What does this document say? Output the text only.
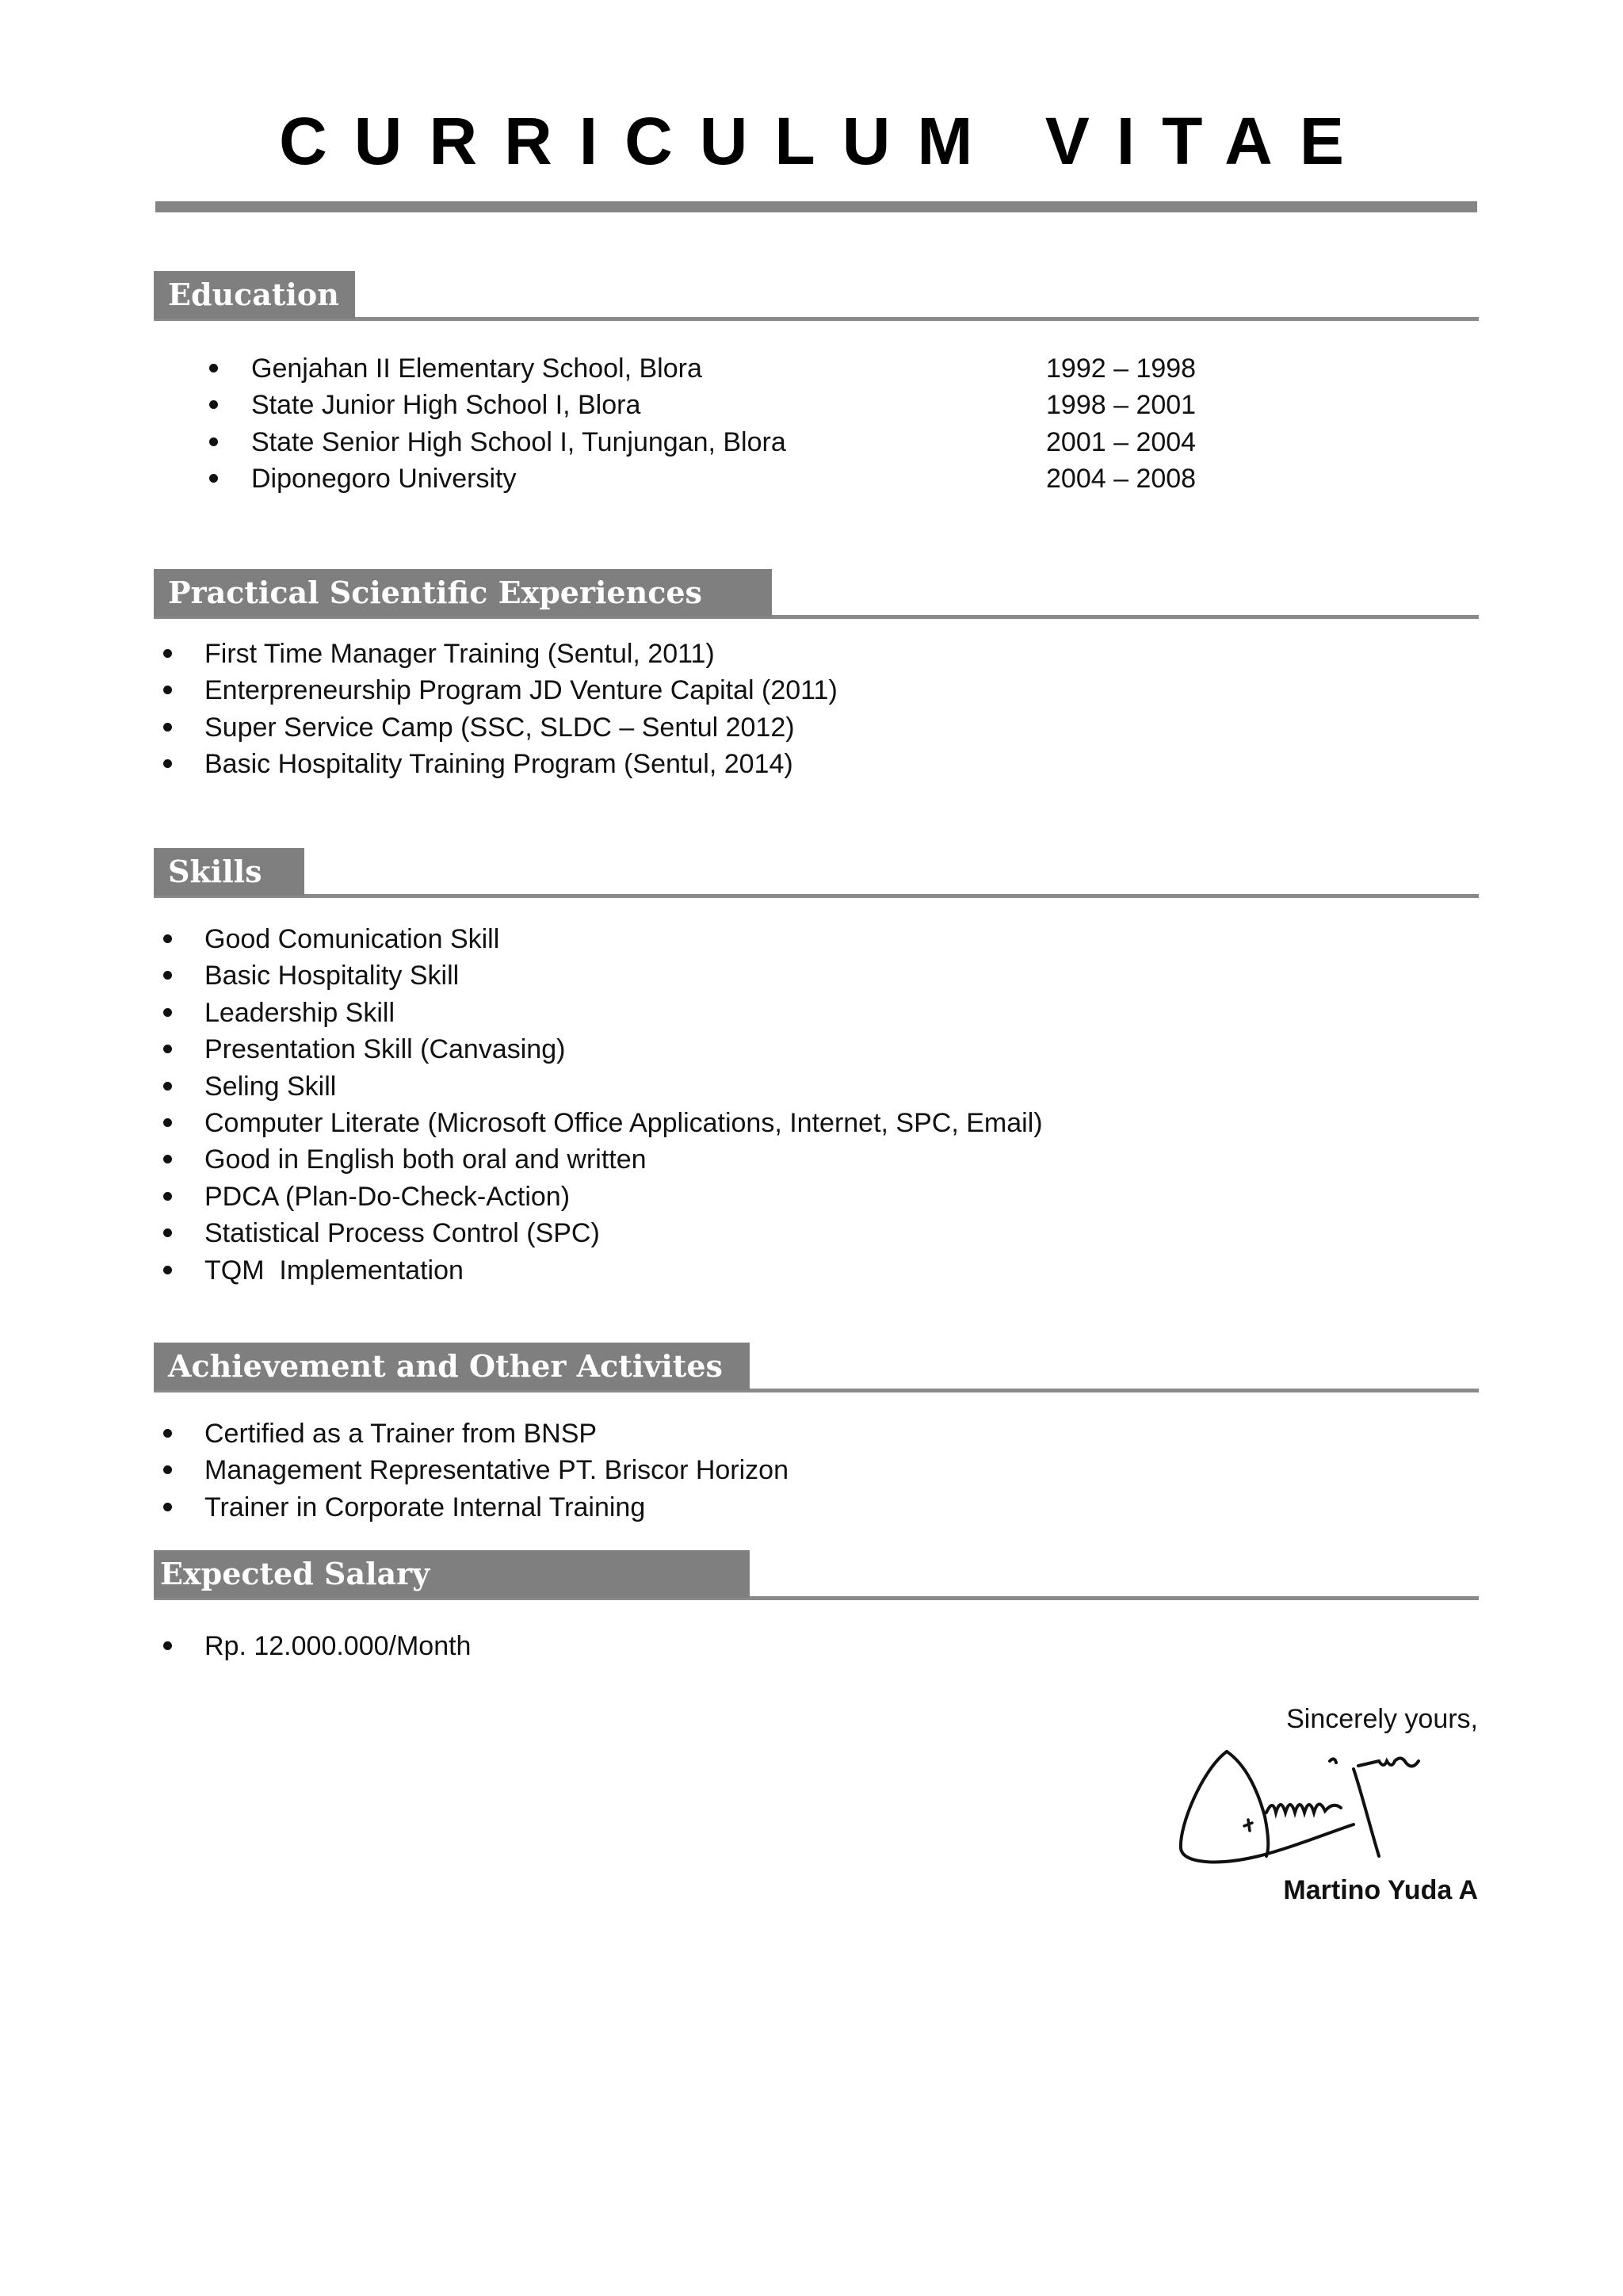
CURRICULUM VITAE
Education
Genjahan II Elementary School, Blora	1992 – 1998
State Junior High School I, Blora	1998 – 2001
State Senior High School I, Tunjungan, Blora	2001 – 2004
Diponegoro University	2004 – 2008
Practical Scientific Experiences
First Time Manager Training (Sentul, 2011)
Enterpreneurship Program JD Venture Capital (2011)
Super Service Camp (SSC, SLDC – Sentul 2012)
Basic Hospitality Training Program (Sentul, 2014)
Skills
Good Comunication Skill
Basic Hospitality Skill
Leadership Skill
Presentation Skill (Canvasing)
Seling Skill
Computer Literate (Microsoft Office Applications, Internet, SPC, Email)
Good in English both oral and written
PDCA (Plan-Do-Check-Action)
Statistical Process Control (SPC)
TQM  Implementation
Achievement and Other Activites
Certified as a Trainer from BNSP
Management Representative PT. Briscor Horizon
Trainer in Corporate Internal Training
Expected Salary
Rp. 12.000.000/Month
Sincerely yours,
Martino Yuda A
